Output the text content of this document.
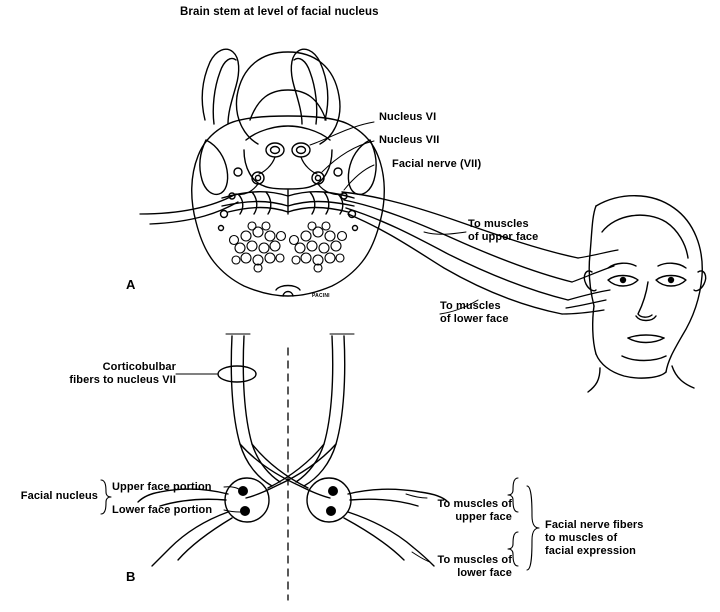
Brain stem at level of facial nucleus
Nucleus VI
Nucleus VII
Facial nerve (VII)
To muscles
of upper face
To muscles
of lower face
PACINI
A
B
Corticobulbar
fibers to nucleus VII
Facial nucleus
Upper face portion
Lower face portion	To muscles of
upper face
To muscles of
lower face
Facial nerve fibers
to muscles of
facial expression
